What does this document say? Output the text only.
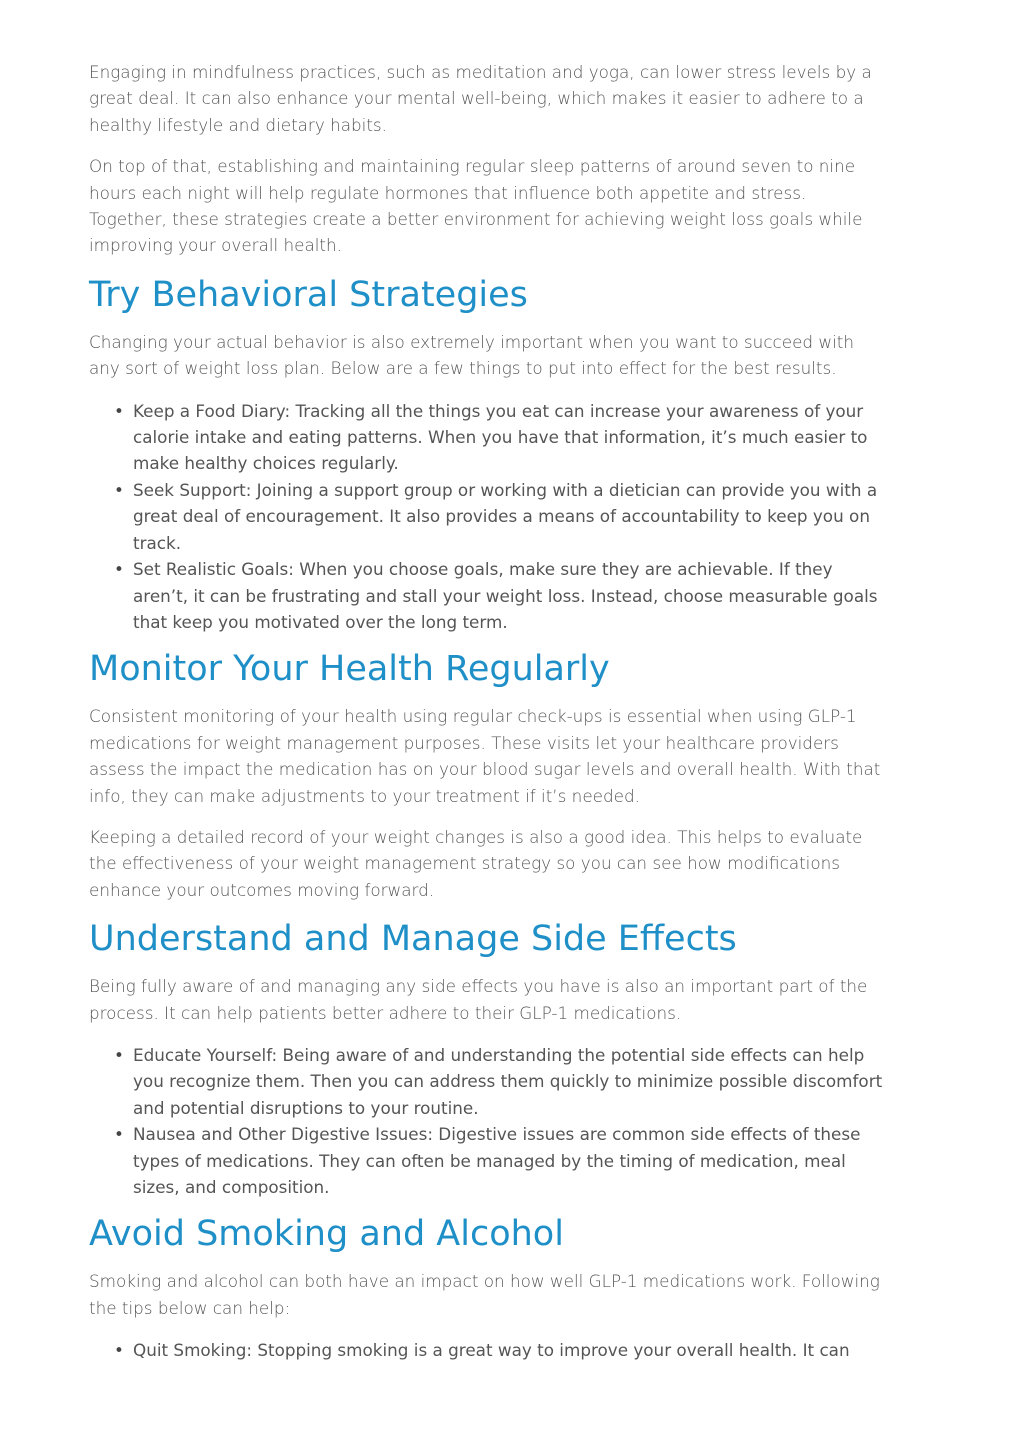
Engaging in mindfulness practices, such as meditation and yoga, can lower stress levels by a great deal. It can also enhance your mental well-being, which makes it easier to adhere to a healthy lifestyle and dietary habits.

On top of that, establishing and maintaining regular sleep patterns of around seven to nine hours each night will help regulate hormones that influence both appetite and stress. Together, these strategies create a better environment for achieving weight loss goals while improving your overall health.

Try Behavioral Strategies

Changing your actual behavior is also extremely important when you want to succeed with any sort of weight loss plan. Below are a few things to put into effect for the best results.

• Keep a Food Diary: Tracking all the things you eat can increase your awareness of your calorie intake and eating patterns. When you have that information, it’s much easier to make healthy choices regularly.
• Seek Support: Joining a support group or working with a dietician can provide you with a great deal of encouragement. It also provides a means of accountability to keep you on track.
• Set Realistic Goals: When you choose goals, make sure they are achievable. If they aren’t, it can be frustrating and stall your weight loss. Instead, choose measurable goals that keep you motivated over the long term.
Monitor Your Health Regularly

Consistent monitoring of your health using regular check-ups is essential when using GLP-1 medications for weight management purposes. These visits let your healthcare providers assess the impact the medication has on your blood sugar levels and overall health. With that info, they can make adjustments to your treatment if it’s needed.

Keeping a detailed record of your weight changes is also a good idea. This helps to evaluate the effectiveness of your weight management strategy so you can see how modifications enhance your outcomes moving forward.

Understand and Manage Side Effects

Being fully aware of and managing any side effects you have is also an important part of the process. It can help patients better adhere to their GLP-1 medications.

• Educate Yourself: Being aware of and understanding the potential side effects can help you recognize them. Then you can address them quickly to minimize possible discomfort and potential disruptions to your routine.
• Nausea and Other Digestive Issues: Digestive issues are common side effects of these types of medications. They can often be managed by the timing of medication, meal sizes, and composition.
Avoid Smoking and Alcohol

Smoking and alcohol can both have an impact on how well GLP-1 medications work. Following the tips below can help:

• Quit Smoking: Stopping smoking is a great way to improve your overall health. It can
